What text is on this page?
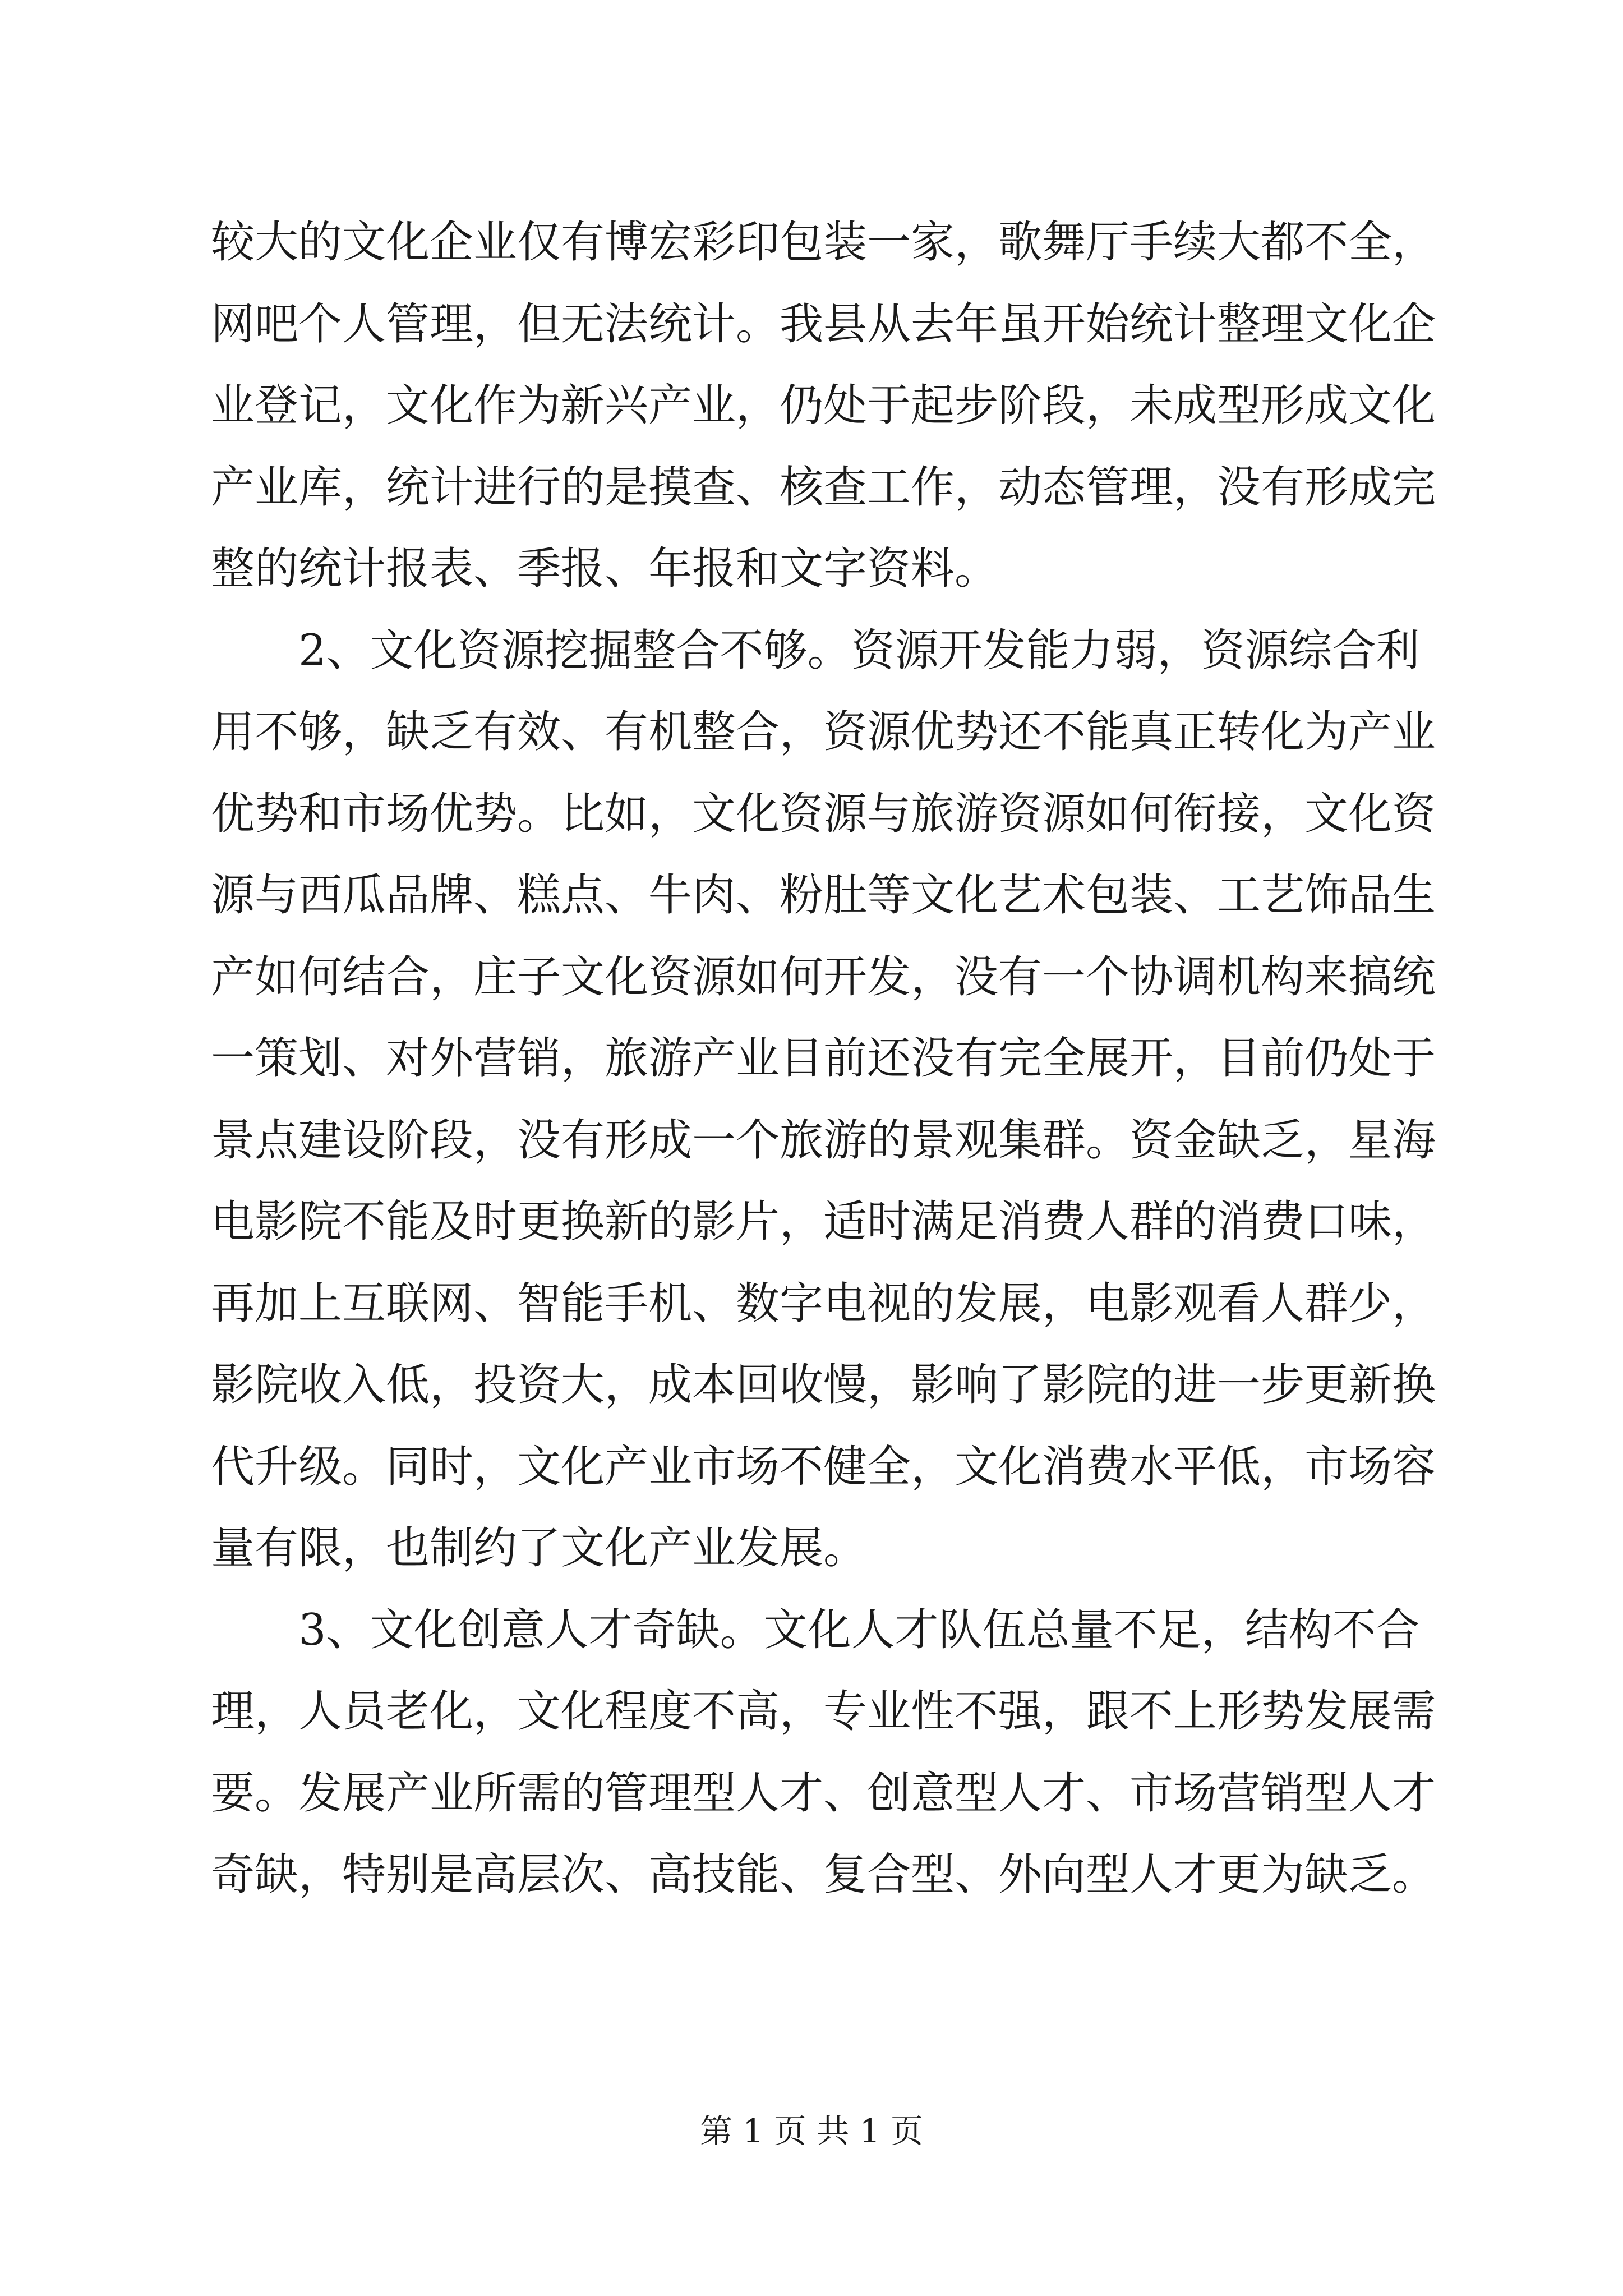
较大的文化企业仅有博宏彩印包装一家，歌舞厅手续大都不全，
网吧个人管理，但无法统计。我县从去年虽开始统计整理文化企
业登记，文化作为新兴产业，仍处于起步阶段，未成型形成文化
产业库，统计进行的是摸查、核查工作，动态管理，没有形成完
整的统计报表、季报、年报和文字资料。
　　2、文化资源挖掘整合不够。资源开发能力弱，资源综合利
用不够，缺乏有效、有机整合，资源优势还不能真正转化为产业
优势和市场优势。比如，文化资源与旅游资源如何衔接，文化资
源与西瓜品牌、糕点、牛肉、粉肚等文化艺术包装、工艺饰品生
产如何结合，庄子文化资源如何开发，没有一个协调机构来搞统
一策划、对外营销，旅游产业目前还没有完全展开，目前仍处于
景点建设阶段，没有形成一个旅游的景观集群。资金缺乏，星海
电影院不能及时更换新的影片，适时满足消费人群的消费口味，
再加上互联网、智能手机、数字电视的发展，电影观看人群少，
影院收入低，投资大，成本回收慢，影响了影院的进一步更新换
代升级。同时，文化产业市场不健全，文化消费水平低，市场容
量有限，也制约了文化产业发展。
　　3、文化创意人才奇缺。文化人才队伍总量不足，结构不合
理，人员老化，文化程度不高，专业性不强，跟不上形势发展需
要。发展产业所需的管理型人才、创意型人才、市场营销型人才
奇缺，特别是高层次、高技能、复合型、外向型人才更为缺乏。
第 1 页 共 1 页
